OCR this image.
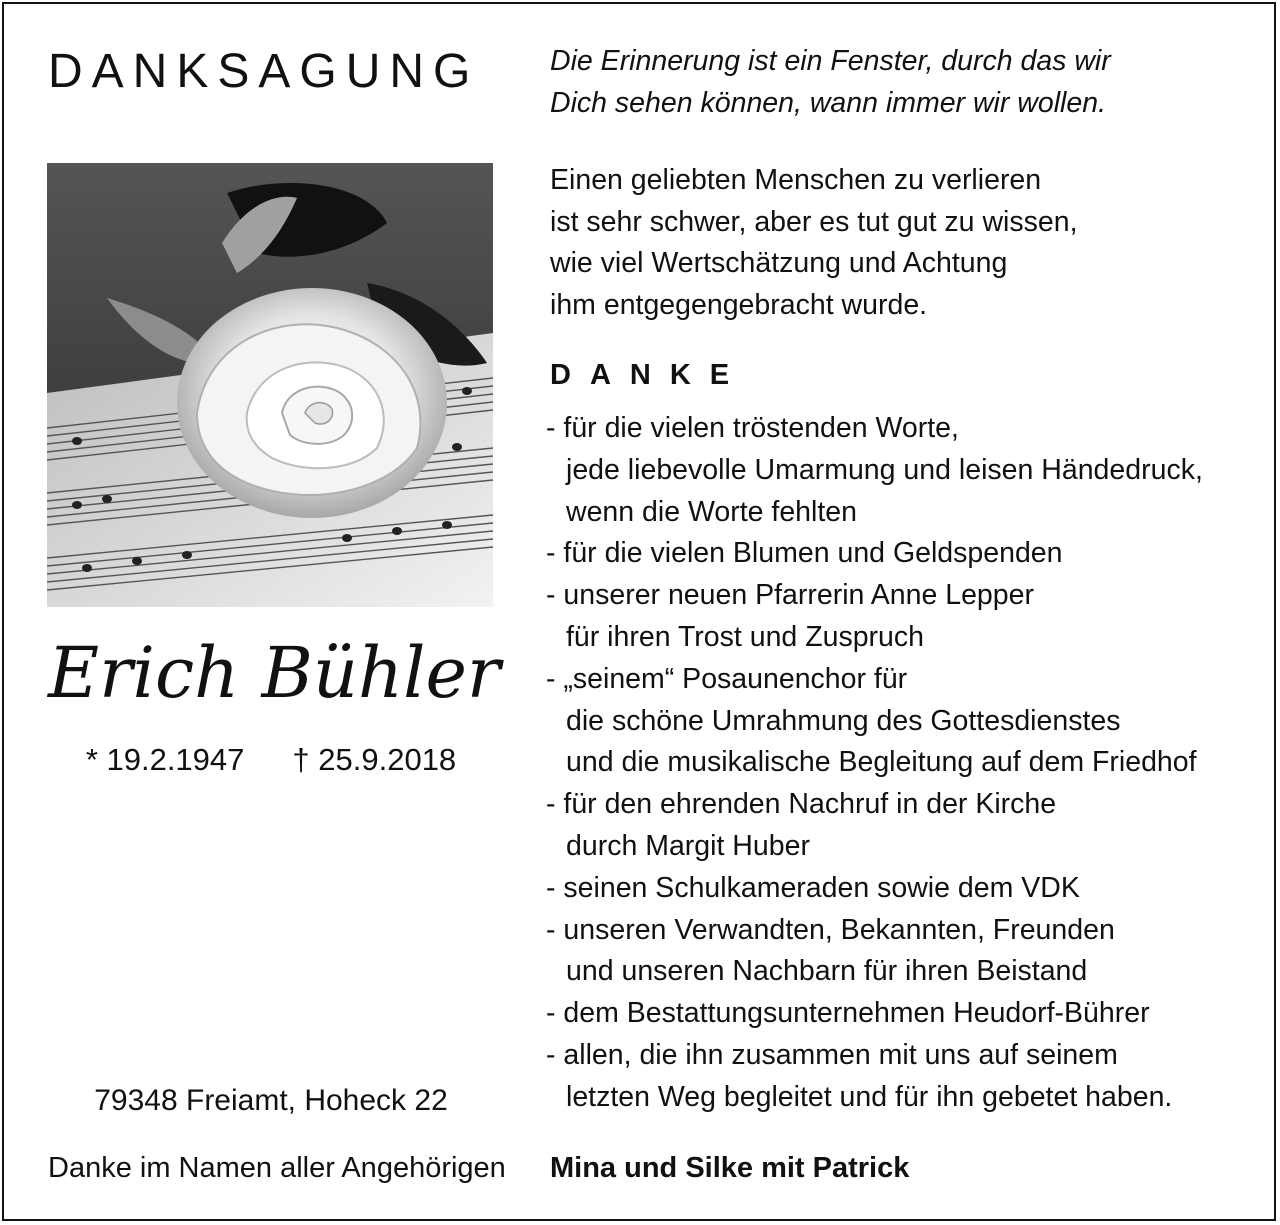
DANKSAGUNG
Erich Bühler
* 19.2.1947 † 25.9.2018
79348 Freiamt, Hoheck 22
Danke im Namen aller Angehörigen Mina und Silke mit Patrick
Die Erinnerung ist ein Fenster, durch das wir
Dich sehen können, wann immer wir wollen.
Einen geliebten Menschen zu verlieren
ist sehr schwer, aber es tut gut zu wissen,
wie viel Wertschätzung und Achtung
ihm entgegengebracht wurde.
DANKE
- für die vielen tröstenden Worte,
jede liebevolle Umarmung und leisen Händedruck,
wenn die Worte fehlten
- für die vielen Blumen und Geldspenden
- unserer neuen Pfarrerin Anne Lepper
für ihren Trost und Zuspruch
- „seinem“ Posaunenchor für
die schöne Umrahmung des Gottesdienstes
und die musikalische Begleitung auf dem Friedhof
- für den ehrenden Nachruf in der Kirche
durch Margit Huber
- seinen Schulkameraden sowie dem VDK
- unseren Verwandten, Bekannten, Freunden
und unseren Nachbarn für ihren Beistand
- dem Bestattungsunternehmen Heudorf-Bührer
- allen, die ihn zusammen mit uns auf seinem
letzten Weg begleitet und für ihn gebetet haben.
